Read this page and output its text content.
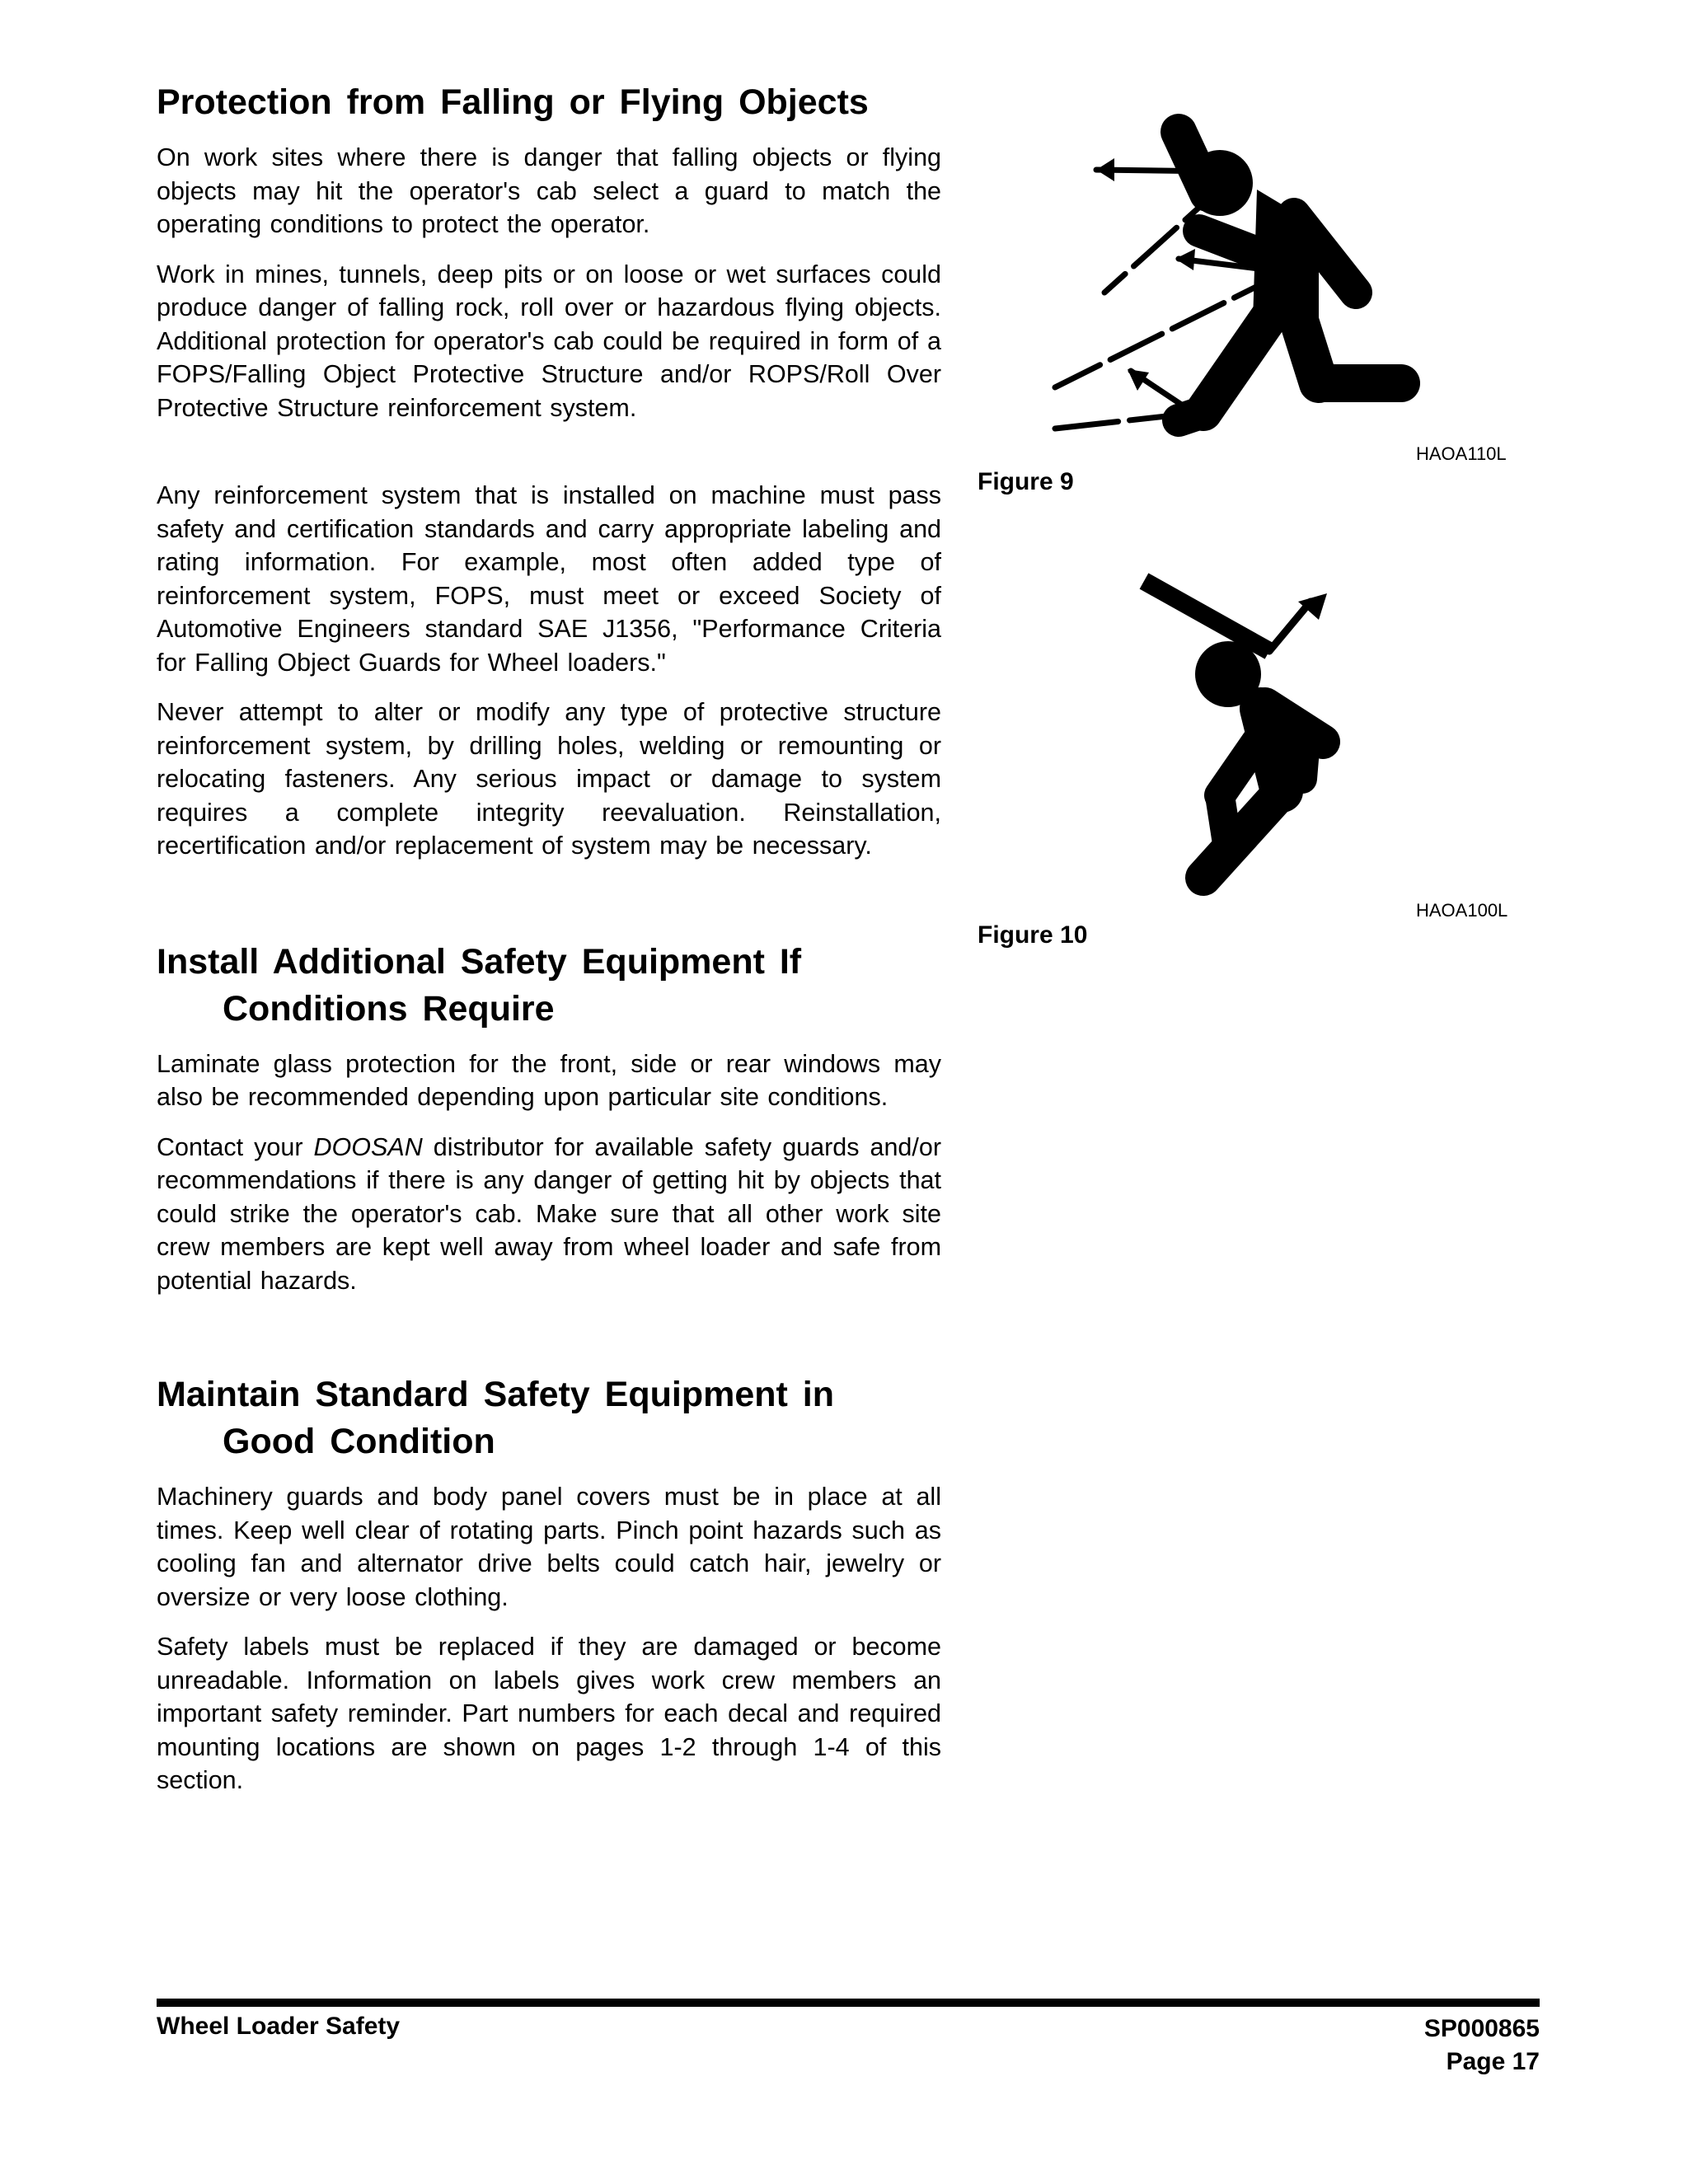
Protection from Falling or Flying Objects

On work sites where there is danger that falling objects or flying objects may hit the operator's cab select a guard to match the operating conditions to protect the operator.

Work in mines, tunnels, deep pits or on loose or wet surfaces could produce danger of falling rock, roll over or hazardous flying objects. Additional protection for operator's cab could be required in form of a FOPS/Falling Object Protective Structure and/or ROPS/Roll Over Protective Structure reinforcement system.

Any reinforcement system that is installed on machine must pass safety and certification standards and carry appropriate labeling and rating information. For example, most often added type of reinforcement system, FOPS, must meet or exceed Society of Automotive Engineers standard SAE J1356, "Performance Criteria for Falling Object Guards for Wheel loaders."

Never attempt to alter or modify any type of protective structure reinforcement system, by drilling holes, welding or remounting or relocating fasteners. Any serious impact or damage to system requires a complete integrity reevaluation. Reinstallation, recertification and/or replacement of system may be necessary.

Install Additional Safety Equipment If Conditions Require

Laminate glass protection for the front, side or rear windows may also be recommended depending upon particular site conditions.

Contact your DOOSAN distributor for available safety guards and/or recommendations if there is any danger of getting hit by objects that could strike the operator's cab. Make sure that all other work site crew members are kept well away from wheel loader and safe from potential hazards.

Maintain Standard Safety Equipment in Good Condition

Machinery guards and body panel covers must be in place at all times. Keep well clear of rotating parts. Pinch point hazards such as cooling fan and alternator drive belts could catch hair, jewelry or oversize or very loose clothing.

Safety labels must be replaced if they are damaged or become unreadable. Information on labels gives work crew members an important safety reminder. Part numbers for each decal and required mounting locations are shown on pages 1-2 through 1-4 of this section.

HAOA110L
Figure 9
HAOA100L
Figure 10
Wheel Loader Safety	SP000865
Page 17
